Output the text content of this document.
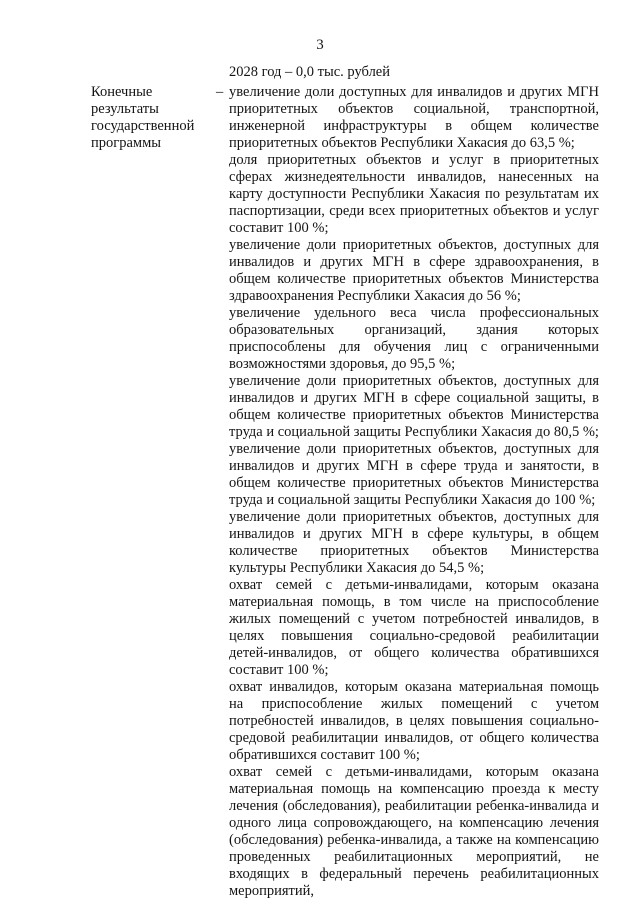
3
2028 год – 0,0 тыс. рублей
Конечные результаты государственной программы
– увеличение доли доступных для инвалидов и других МГН приоритетных объектов социальной, транспортной, инженерной инфраструктуры в общем количестве приоритетных объектов Республики Хакасия до 63,5 %;

доля приоритетных объектов и услуг в приоритетных сферах жизнедеятельности инвалидов, нанесенных на карту доступности Республики Хакасия по результатам их паспортизации, среди всех приоритетных объектов и услуг составит 100 %;

увеличение доли приоритетных объектов, доступных для инвалидов и других МГН в сфере здравоохранения, в общем количестве приоритетных объектов Министерства здравоохранения Республики Хакасия до 56 %;

увеличение удельного веса числа профессиональных образовательных организаций, здания которых приспособлены для обучения лиц с ограниченными возможностями здоровья, до 95,5 %;

увеличение доли приоритетных объектов, доступных для инвалидов и других МГН в сфере социальной защиты, в общем количестве приоритетных объектов Министерства труда и социальной защиты Республики Хакасия до 80,5 %;

увеличение доли приоритетных объектов, доступных для инвалидов и других МГН в сфере труда и занятости, в общем количестве приоритетных объектов Министерства труда и социальной защиты Республики Хакасия до 100 %;

увеличение доли приоритетных объектов, доступных для инвалидов и других МГН в сфере культуры, в общем количестве приоритетных объектов Министерства культуры Республики Хакасия до 54,5 %;

охват семей с детьми-инвалидами, которым оказана материальная помощь, в том числе на приспособление жилых помещений с учетом потребностей инвалидов, в целях повышения социально-средовой реабилитации детей-инвалидов, от общего количества обратившихся составит 100 %;

охват инвалидов, которым оказана материальная помощь на приспособление жилых помещений с учетом потребностей инвалидов, в целях повышения социально-средовой реабилитации инвалидов, от общего количества обратившихся составит 100 %;

охват семей с детьми-инвалидами, которым оказана материальная помощь на компенсацию проезда к месту лечения (обследования), реабилитации ребенка-инвалида и одного лица сопровождающего, на компенсацию лечения (обследования) ребенка-инвалида, а также на компенсацию проведенных реабилитационных мероприятий, не входящих в федеральный перечень реабилитационных мероприятий,
